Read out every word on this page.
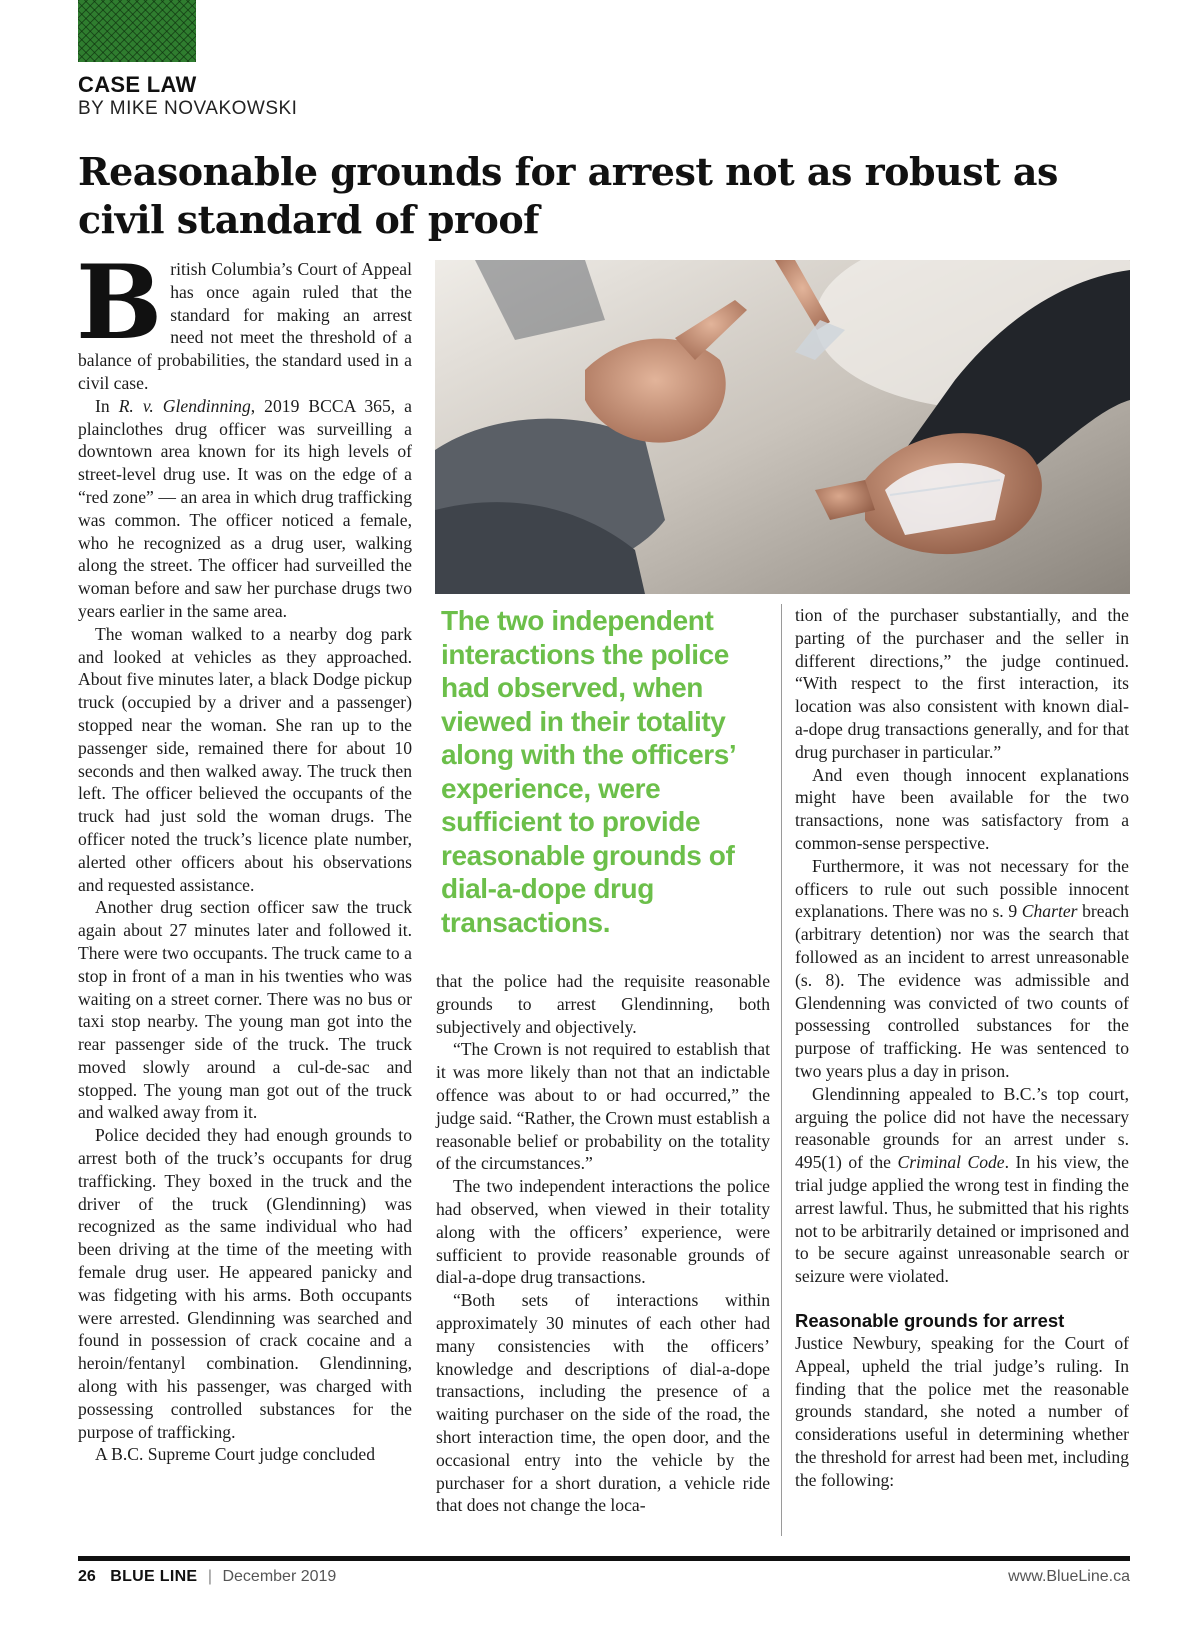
CASE LAW
BY MIKE NOVAKOWSKI
Reasonable grounds for arrest not as robust as civil standard of proof

British Columbia’s Court of Appeal has once again ruled that the standard for making an arrest need not meet the threshold of a balance of probabilities, the standard used in a civil case.

In R. v. Glendinning, 2019 BCCA 365, a plainclothes drug officer was surveilling a downtown area known for its high levels of street-level drug use. It was on the edge of a “red zone” — an area in which drug trafficking was common. The officer noticed a female, who he recognized as a drug user, walking along the street. The officer had surveilled the woman before and saw her purchase drugs two years earlier in the same area.

The woman walked to a nearby dog park and looked at vehicles as they approached. About five minutes later, a black Dodge pickup truck (occupied by a driver and a passenger) stopped near the woman. She ran up to the passenger side, remained there for about 10 seconds and then walked away. The truck then left. The officer believed the occupants of the truck had just sold the woman drugs. The officer noted the truck’s licence plate number, alerted other officers about his observations and requested assistance.

Another drug section officer saw the truck again about 27 minutes later and followed it. There were two occupants. The truck came to a stop in front of a man in his twenties who was waiting on a street corner. There was no bus or taxi stop nearby. The young man got into the rear passenger side of the truck. The truck moved slowly around a cul-de-sac and stopped. The young man got out of the truck and walked away from it.

Police decided they had enough grounds to arrest both of the truck’s occupants for drug trafficking. They boxed in the truck and the driver of the truck (Glendinning) was recognized as the same individual who had been driving at the time of the meeting with female drug user. He appeared panicky and was fidgeting with his arms. Both occupants were arrested. Glendinning was searched and found in possession of crack cocaine and a heroin/fentanyl combination. Glendinning, along with his passenger, was charged with possessing controlled substances for the purpose of trafficking.

A B.C. Supreme Court judge concluded

The two independent interactions the police had observed, when viewed in their totality along with the officers’ experience, were sufficient to provide reasonable grounds of dial-a-dope drug transactions.

that the police had the requisite reasonable grounds to arrest Glendinning, both subjectively and objectively.

“The Crown is not required to establish that it was more likely than not that an indictable offence was about to or had occurred,” the judge said. “Rather, the Crown must establish a reasonable belief or probability on the totality of the circumstances.”

The two independent interactions the police had observed, when viewed in their totality along with the officers’ experience, were sufficient to provide reasonable grounds of dial-a-dope drug transactions.

“Both sets of interactions within approximately 30 minutes of each other had many consistencies with the officers’ knowledge and descriptions of dial-a-dope transactions, including the presence of a waiting purchaser on the side of the road, the short interaction time, the open door, and the occasional entry into the vehicle by the purchaser for a short duration, a vehicle ride that does not change the loca-

tion of the purchaser substantially, and the parting of the purchaser and the seller in different directions,” the judge continued. “With respect to the first interaction, its location was also consistent with known dial-a-dope drug transactions generally, and for that drug purchaser in particular.”

And even though innocent explanations might have been available for the two transactions, none was satisfactory from a common-sense perspective.

Furthermore, it was not necessary for the officers to rule out such possible innocent explanations. There was no s. 9 Charter breach (arbitrary detention) nor was the search that followed as an incident to arrest unreasonable (s. 8). The evidence was admissible and Glendenning was convicted of two counts of possessing controlled substances for the purpose of trafficking. He was sentenced to two years plus a day in prison.

Glendinning appealed to B.C.’s top court, arguing the police did not have the necessary reasonable grounds for an arrest under s. 495(1) of the Criminal Code. In his view, the trial judge applied the wrong test in finding the arrest lawful. Thus, he submitted that his rights not to be arbitrarily detained or imprisoned and to be secure against unreasonable search or seizure were violated.

Reasonable grounds for arrest

Justice Newbury, speaking for the Court of Appeal, upheld the trial judge’s ruling. In finding that the police met the reasonable grounds standard, she noted a number of considerations useful in determining whether the threshold for arrest had been met, including the following:

26 BLUE LINE | December 2019	www.BlueLine.ca
